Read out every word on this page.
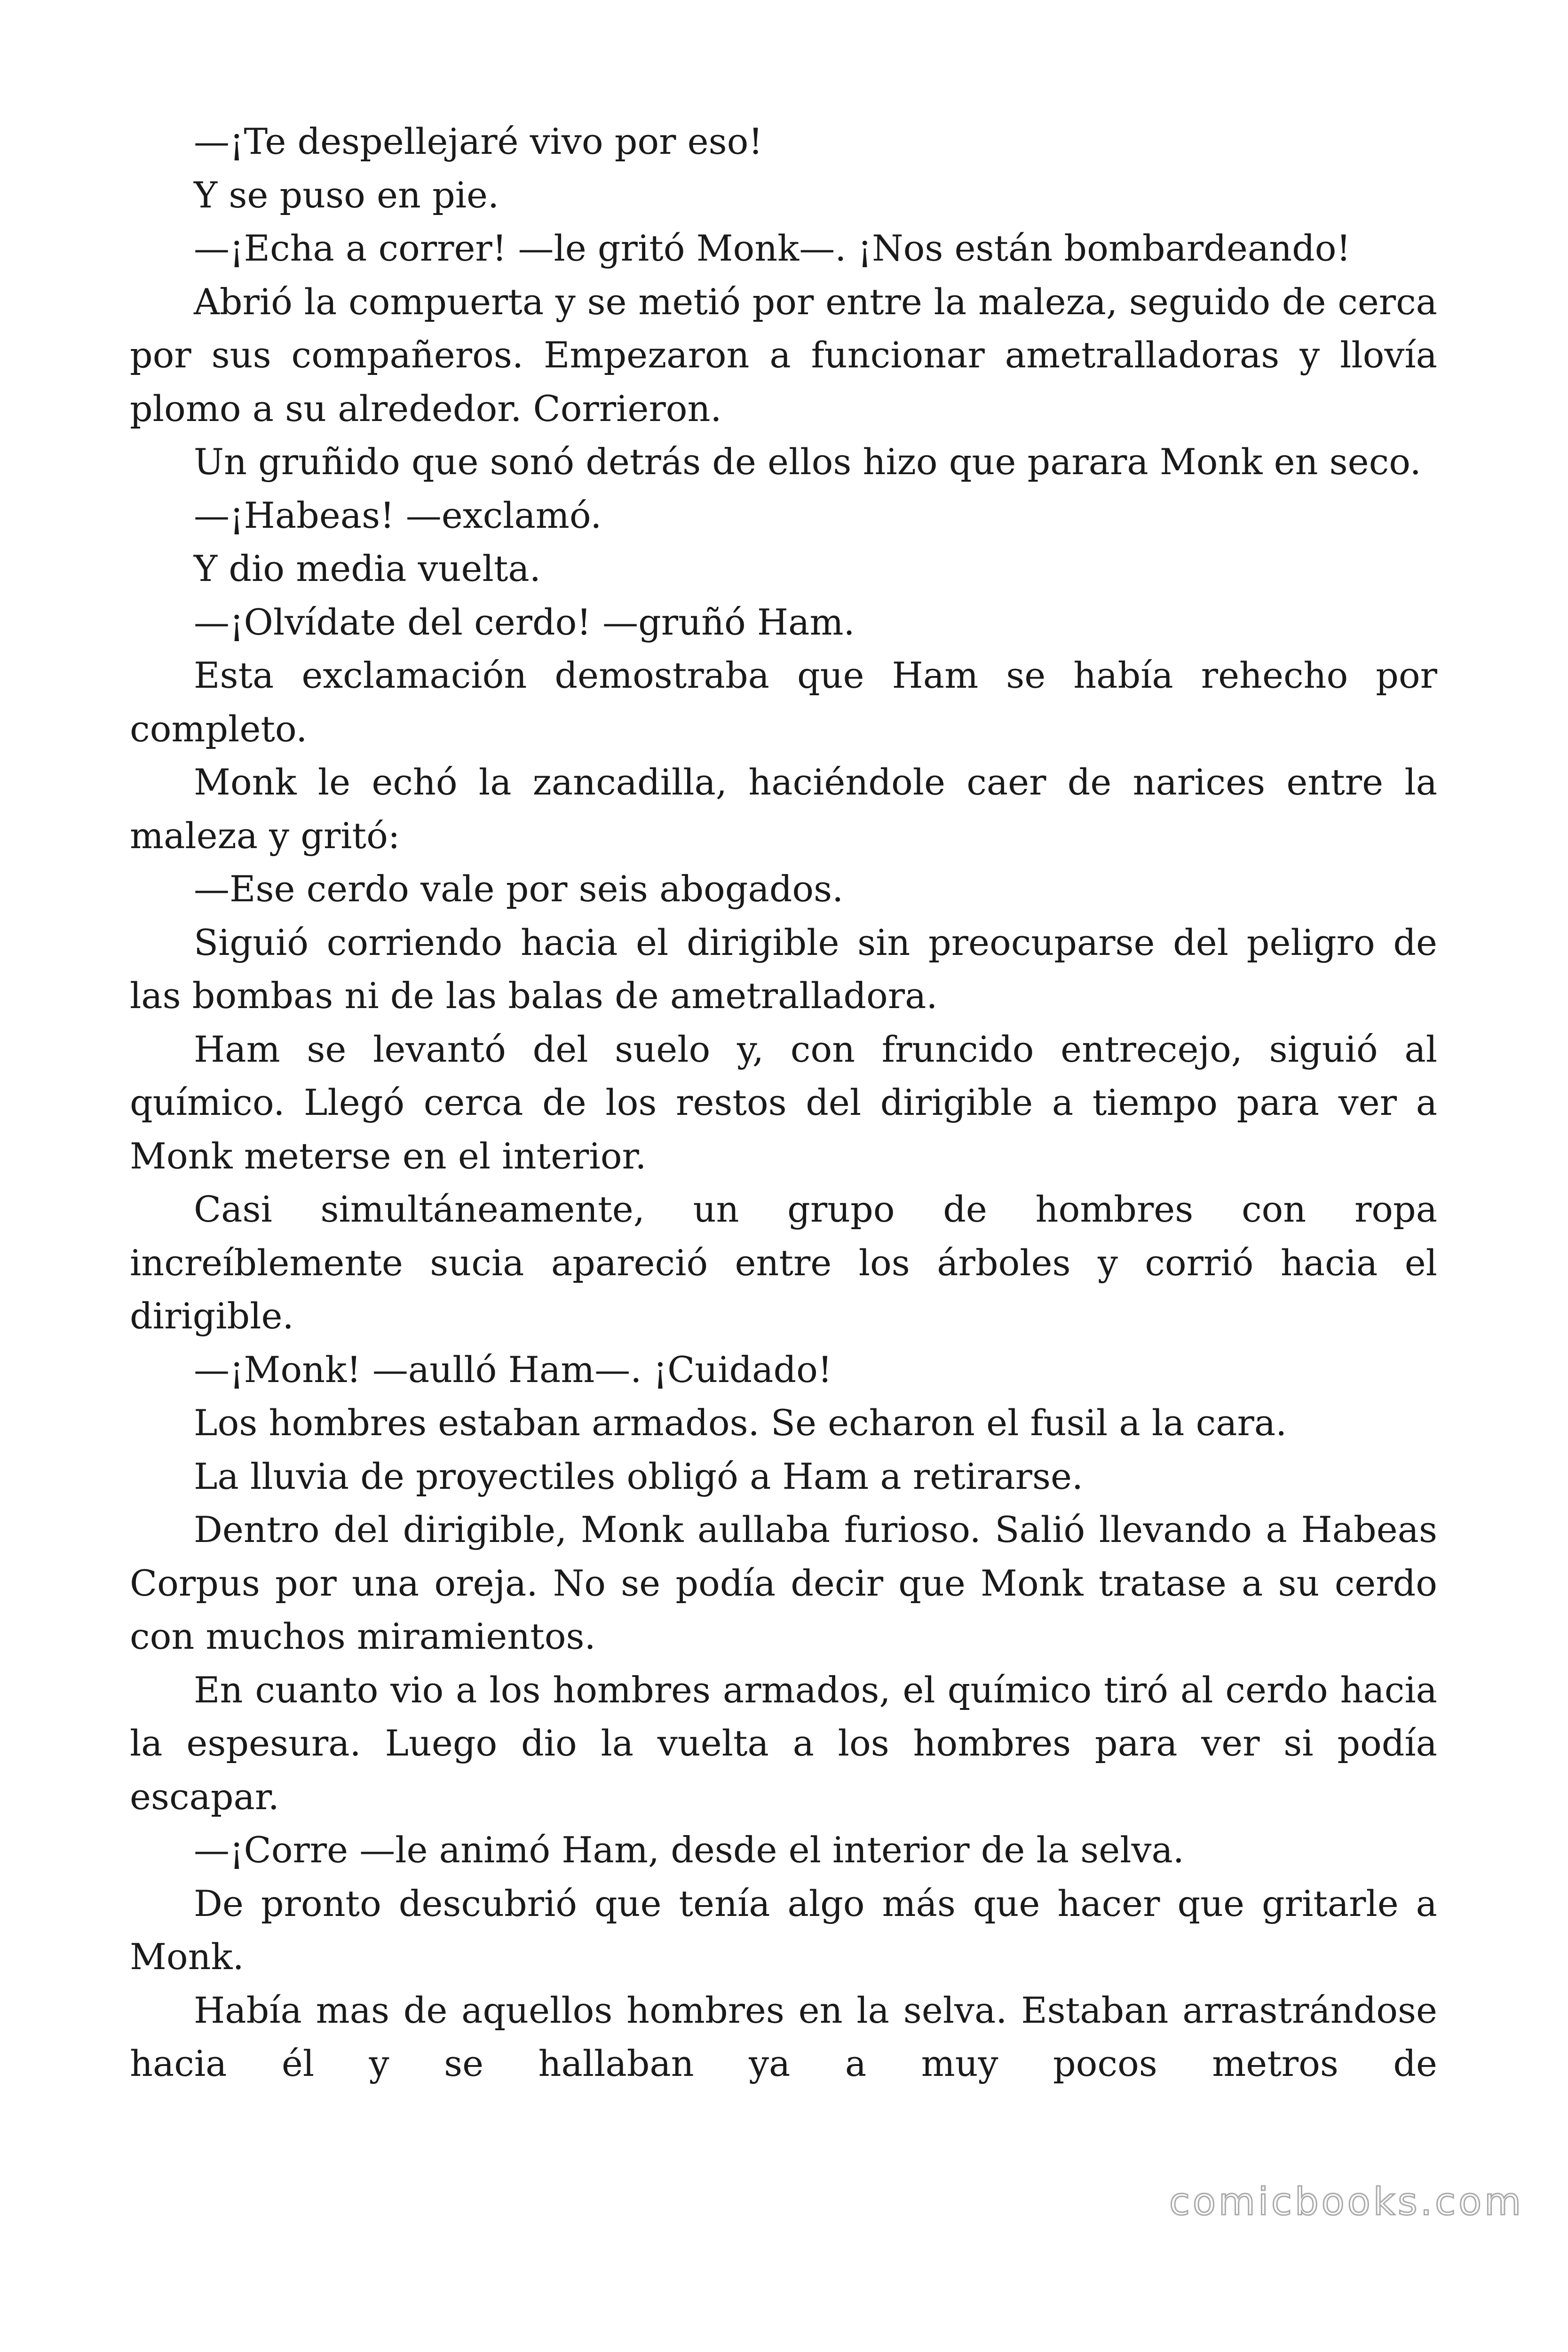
—¡Te despellejaré vivo por eso!

Y se puso en pie.

—¡Echa a correr! —le gritó Monk—. ¡Nos están bombardeando!

Abrió la compuerta y se metió por entre la maleza, seguido de cerca por sus compañeros. Empezaron a funcionar ametralladoras y llovía plomo a su alrededor. Corrieron.

Un gruñido que sonó detrás de ellos hizo que parara Monk en seco.

—¡Habeas! —exclamó.

Y dio media vuelta.

—¡Olvídate del cerdo! —gruñó Ham.

Esta exclamación demostraba que Ham se había rehecho por completo.

Monk le echó la zancadilla, haciéndole caer de narices entre la maleza y gritó:

—Ese cerdo vale por seis abogados.

Siguió corriendo hacia el dirigible sin preocuparse del peligro de las bombas ni de las balas de ametralladora.

Ham se levantó del suelo y, con fruncido entrecejo, siguió al químico. Llegó cerca de los restos del dirigible a tiempo para ver a Monk meterse en el interior.

Casi simultáneamente, un grupo de hombres con ropa increíblemente sucia apareció entre los árboles y corrió hacia el dirigible.

—¡Monk! —aulló Ham—. ¡Cuidado!

Los hombres estaban armados. Se echaron el fusil a la cara.

La lluvia de proyectiles obligó a Ham a retirarse.

Dentro del dirigible, Monk aullaba furioso. Salió llevando a Habeas Corpus por una oreja. No se podía decir que Monk tratase a su cerdo con muchos miramientos.

En cuanto vio a los hombres armados, el químico tiró al cerdo hacia la espesura. Luego dio la vuelta a los hombres para ver si podía escapar.

—¡Corre —le animó Ham, desde el interior de la selva.

De pronto descubrió que tenía algo más que hacer que gritarle a Monk.

Había mas de aquellos hombres en la selva. Estaban arrastrándose hacia él y se hallaban ya a muy pocos metros de

comicbooks.com
